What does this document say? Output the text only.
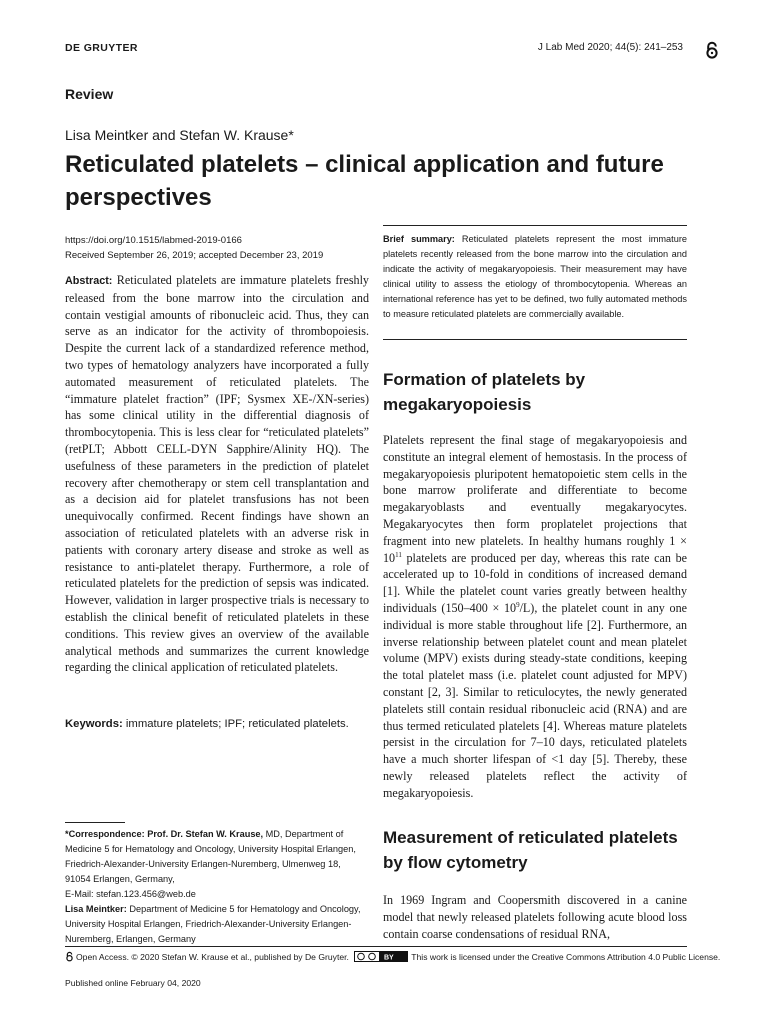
DE GRUYTER	J Lab Med 2020; 44(5): 241–253
Review
Lisa Meintker and Stefan W. Krause*
Reticulated platelets – clinical application and future perspectives
https://doi.org/10.1515/labmed-2019-0166
Received September 26, 2019; accepted December 23, 2019
Abstract: Reticulated platelets are immature platelets freshly released from the bone marrow into the circulation and contain vestigial amounts of ribonucleic acid. Thus, they can serve as an indicator for the activity of thrombopoiesis. Despite the current lack of a standardized reference method, two types of hematology analyzers have incorporated a fully automated measurement of reticulated platelets. The “immature platelet fraction” (IPF; Sysmex XE-/XN-series) has some clinical utility in the differential diagnosis of thrombocytopenia. This is less clear for “reticulated platelets” (retPLT; Abbott CELL-DYN Sapphire/Alinity HQ). The usefulness of these parameters in the prediction of platelet recovery after chemotherapy or stem cell transplantation and as a decision aid for platelet transfusions has not been unequivocally confirmed. Recent findings have shown an association of reticulated platelets with an adverse risk in patients with coronary artery disease and stroke as well as resistance to anti-platelet therapy. Furthermore, a role of reticulated platelets for the prediction of sepsis was indicated. However, validation in larger prospective trials is necessary to establish the clinical benefit of reticulated platelets in these conditions. This review gives an overview of the available analytical methods and summarizes the current knowledge regarding the clinical application of reticulated platelets.
Keywords: immature platelets; IPF; reticulated platelets.
Brief summary: Reticulated platelets represent the most immature platelets recently released from the bone marrow into the circulation and indicate the activity of megakaryopoiesis. Their measurement may have clinical utility to assess the etiology of thrombocytopenia. Whereas an international reference has yet to be defined, two fully automated methods to measure reticulated platelets are commercially available.
Formation of platelets by megakaryopoiesis
Platelets represent the final stage of megakaryopoiesis and constitute an integral element of hemostasis. In the process of megakaryopoiesis pluripotent hematopoietic stem cells in the bone marrow proliferate and differentiate to become megakaryoblasts and eventually megakaryocytes. Megakaryocytes then form proplatelet projections that fragment into new platelets. In healthy humans roughly $1 \times 10^{11}$ platelets are produced per day, whereas this rate can be accelerated up to 10-fold in conditions of increased demand [1]. While the platelet count varies greatly between healthy individuals $(150-400 \times 10^9/L)$, the platelet count in any one individual is more stable throughout life [2]. Furthermore, an inverse relationship between platelet count and mean platelet volume (MPV) exists during steady-state conditions, keeping the total platelet mass (i.e. platelet count adjusted for MPV) constant [2, 3]. Similar to reticulocytes, the newly generated platelets still contain residual ribonucleic acid (RNA) and are thus termed reticulated platelets [4]. Whereas mature platelets persist in the circulation for 7–10 days, reticulated platelets have a much shorter lifespan of <1 day [5]. Thereby, these newly released platelets reflect the activity of megakaryopoiesis.
*Correspondence: Prof. Dr. Stefan W. Krause, MD, Department of Medicine 5 for Hematology and Oncology, University Hospital Erlangen, Friedrich-Alexander-University Erlangen-Nuremberg, Ulmenweg 18, 91054 Erlangen, Germany,
E-Mail: stefan.123.456@web.de
Lisa Meintker: Department of Medicine 5 for Hematology and Oncology, University Hospital Erlangen, Friedrich-Alexander-University Erlangen-Nuremberg, Erlangen, Germany
Measurement of reticulated platelets by flow cytometry
In 1969 Ingram and Coopersmith discovered in a canine model that newly released platelets following acute blood loss contain coarse condensations of residual RNA,
Open Access. © 2020 Stefan W. Krause et al., published by De Gruyter.	BY This work is licensed under the Creative Commons Attribution 4.0 Public License.
Published online February 04, 2020
